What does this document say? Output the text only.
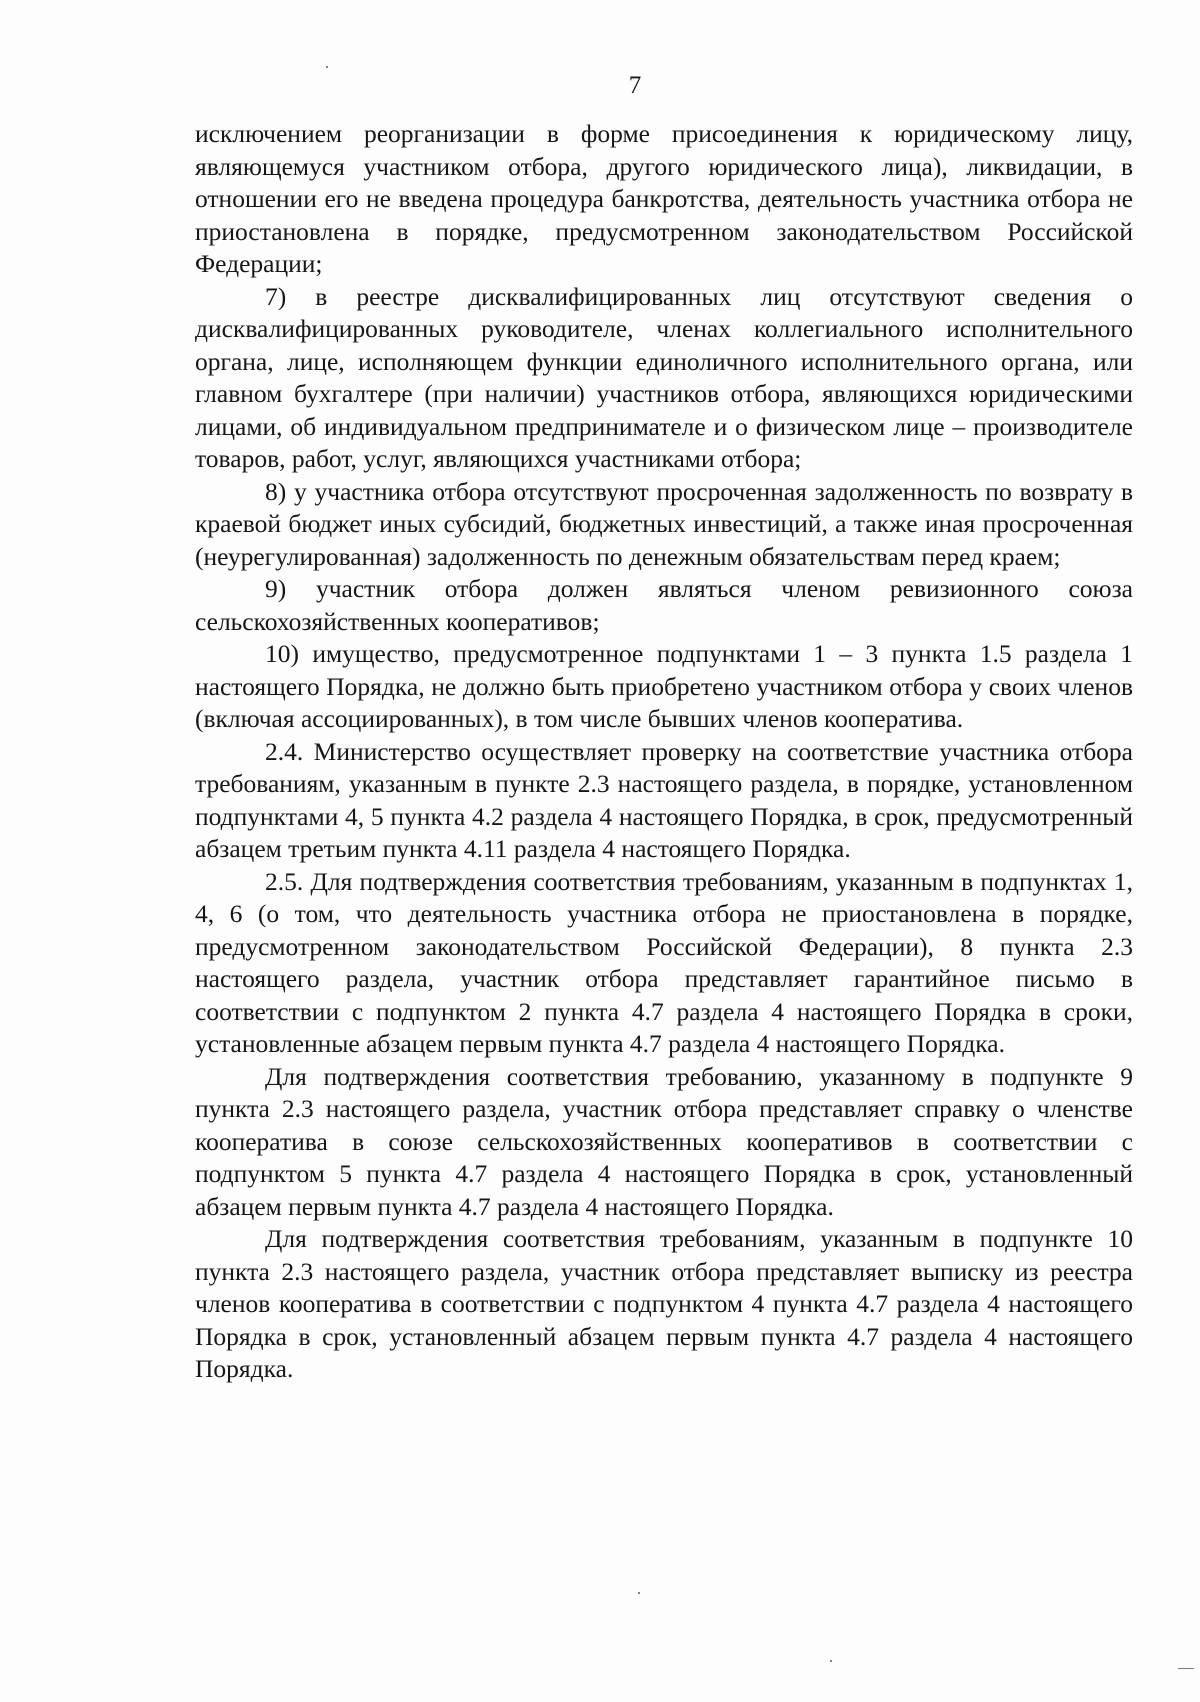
7

исключением реорганизации в форме присоединения к юридическому лицу, являющемуся участником отбора, другого юридического лица), ликвидации, в отношении его не введена процедура банкротства, деятельность участника отбора не приостановлена в порядке, предусмотренном законодательством Российской Федерации;

7) в реестре дисквалифицированных лиц отсутствуют сведения о дисквалифицированных руководителе, членах коллегиального исполнительного органа, лице, исполняющем функции единоличного исполнительного органа, или главном бухгалтере (при наличии) участников отбора, являющихся юридическими лицами, об индивидуальном предпринимателе и о физическом лице – производителе товаров, работ, услуг, являющихся участниками отбора;

8) у участника отбора отсутствуют просроченная задолженность по возврату в краевой бюджет иных субсидий, бюджетных инвестиций, а также иная просроченная (неурегулированная) задолженность по денежным обязательствам перед краем;

9) участник отбора должен являться членом ревизионного союза сельскохозяйственных кооперативов;

10) имущество, предусмотренное подпунктами 1 – 3 пункта 1.5 раздела 1 настоящего Порядка, не должно быть приобретено участником отбора у своих членов (включая ассоциированных), в том числе бывших членов кооператива.

2.4. Министерство осуществляет проверку на соответствие участника отбора требованиям, указанным в пункте 2.3 настоящего раздела, в порядке, установленном подпунктами 4, 5 пункта 4.2 раздела 4 настоящего Порядка, в срок, предусмотренный абзацем третьим пункта 4.11 раздела 4 настоящего Порядка.

2.5. Для подтверждения соответствия требованиям, указанным в подпунктах 1, 4, 6 (о том, что деятельность участника отбора не приостановлена в порядке, предусмотренном законодательством Российской Федерации), 8 пункта 2.3 настоящего раздела, участник отбора представляет гарантийное письмо в соответствии с подпунктом 2 пункта 4.7 раздела 4 настоящего Порядка в сроки, установленные абзацем первым пункта 4.7 раздела 4 настоящего Порядка.

Для подтверждения соответствия требованию, указанному в подпункте 9 пункта 2.3 настоящего раздела, участник отбора представляет справку о членстве кооператива в союзе сельскохозяйственных кооперативов в соответствии с подпунктом 5 пункта 4.7 раздела 4 настоящего Порядка в срок, установленный абзацем первым пункта 4.7 раздела 4 настоящего Порядка.

Для подтверждения соответствия требованиям, указанным в подпункте 10 пункта 2.3 настоящего раздела, участник отбора представляет выписку из реестра членов кооператива в соответствии с подпунктом 4 пункта 4.7 раздела 4 настоящего Порядка в срок, установленный абзацем первым пункта 4.7 раздела 4 настоящего Порядка.
